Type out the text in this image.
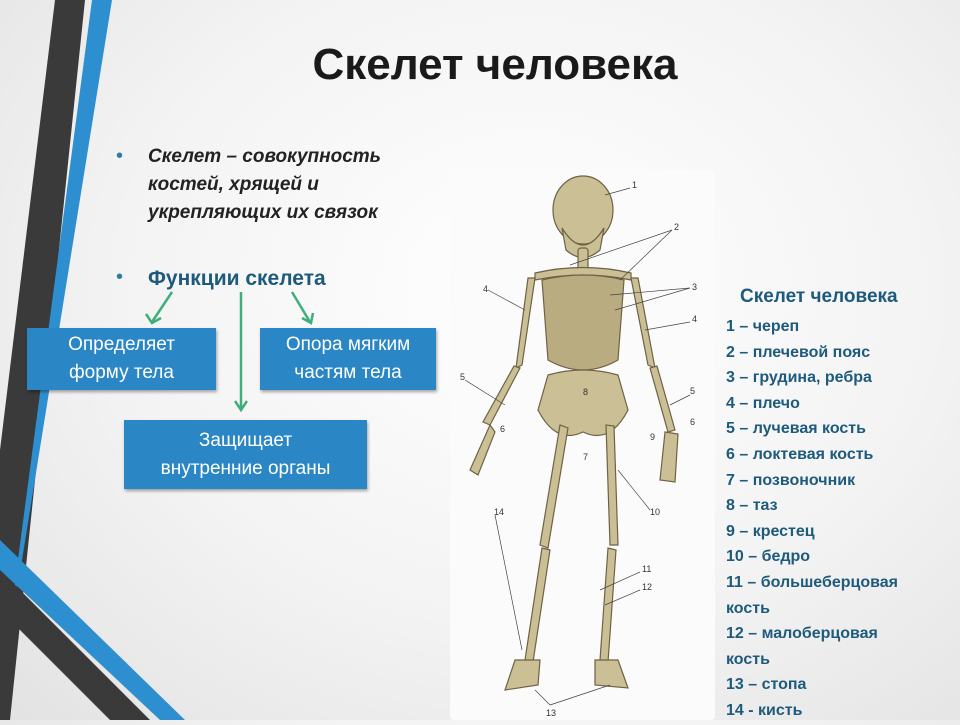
Скелет человека
• Скелет – совокупность костей, хрящей и укрепляющих их связок
• Функции скелета
Определяет
форму тела
Опора мягким
частям тела
Защищает
внутренние органы
1
2
3
4
4
5
5
6
6
7
8
9
10
11
12
13
14
Скелет человека
1 – череп
2 – плечевой пояс
3 – грудина, ребра
4 – плечо
5 – лучевая кость
6 – локтевая кость
7 – позвоночник
8 – таз
9 – крестец
10 – бедро
11 – большеберцовая
кость
12 – малоберцовая
кость
13 – стопа
14 - кисть
